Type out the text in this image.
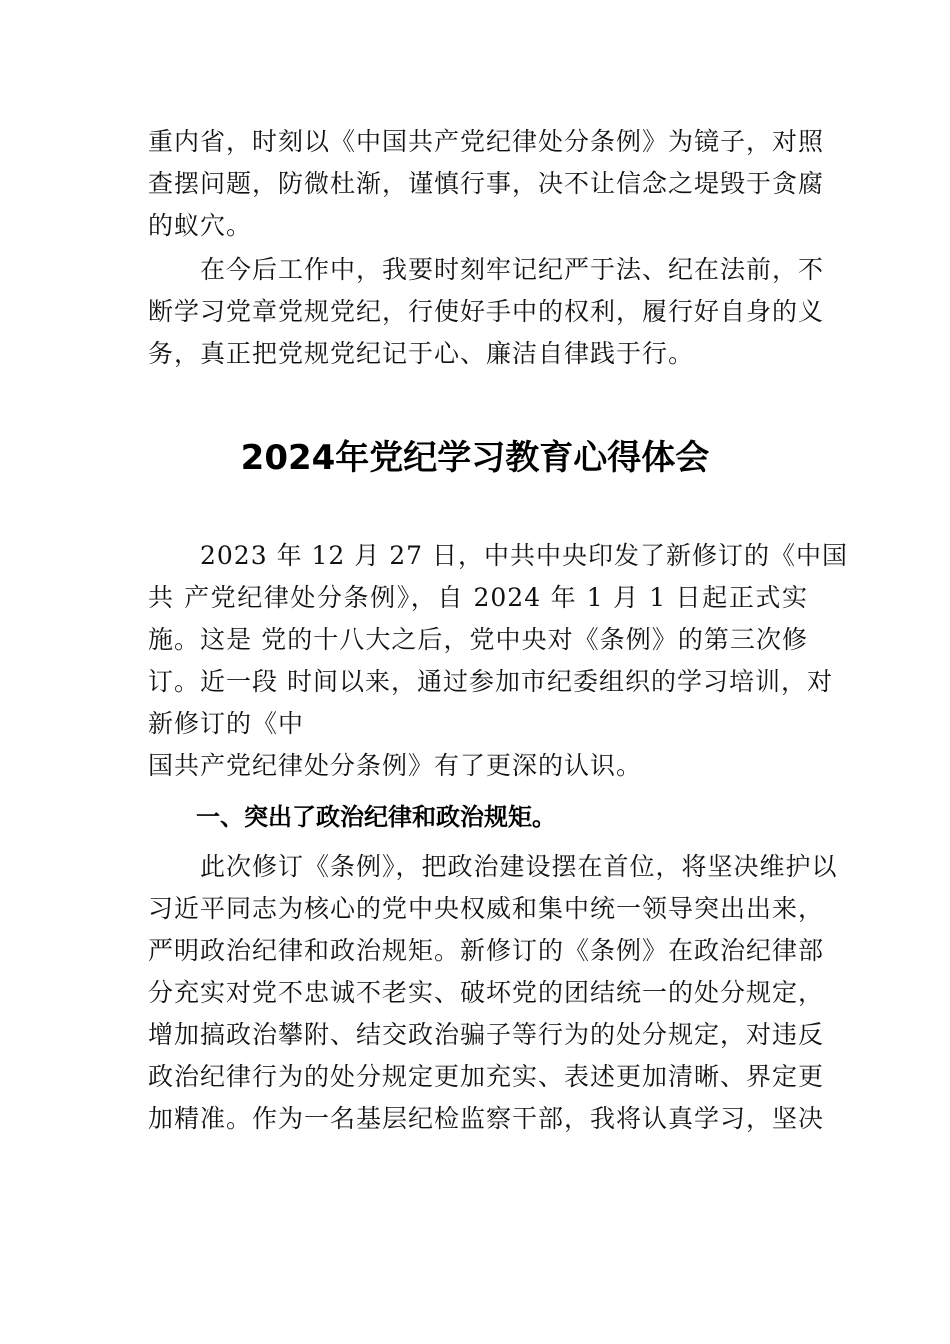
重内省，时刻以《中国共产党纪律处分条例》为镜子，对照
查摆问题，防微杜渐，谨慎行事，决不让信念之堤毁于贪腐
的蚁穴。
在今后工作中，我要时刻牢记纪严于法、纪在法前，不
断学习党章党规党纪，行使好手中的权利，履行好自身的义
务，真正把党规党纪记于心、廉洁自律践于行。
2024年党纪学习教育心得体会
2023 年 12 月 27 日，中共中央印发了新修订的《中国
共 产党纪律处分条例》，自 2024 年 1 月 1 日起正式实
施。这是 党的十八大之后，党中央对《条例》的第三次修
订。近一段 时间以来，通过参加市纪委组织的学习培训，对
新修订的《中
国共产党纪律处分条例》有了更深的认识。
一、突出了政治纪律和政治规矩。
此次修订《条例》，把政治建设摆在首位，将坚决维护以
习近平同志为核心的党中央权威和集中统一领导突出出来，
严明政治纪律和政治规矩。新修订的《条例》在政治纪律部
分充实对党不忠诚不老实、破坏党的团结统一的处分规定，
增加搞政治攀附、结交政治骗子等行为的处分规定，对违反
政治纪律行为的处分规定更加充实、表述更加清晰、界定更
加精准。作为一名基层纪检监察干部，我将认真学习，坚决
